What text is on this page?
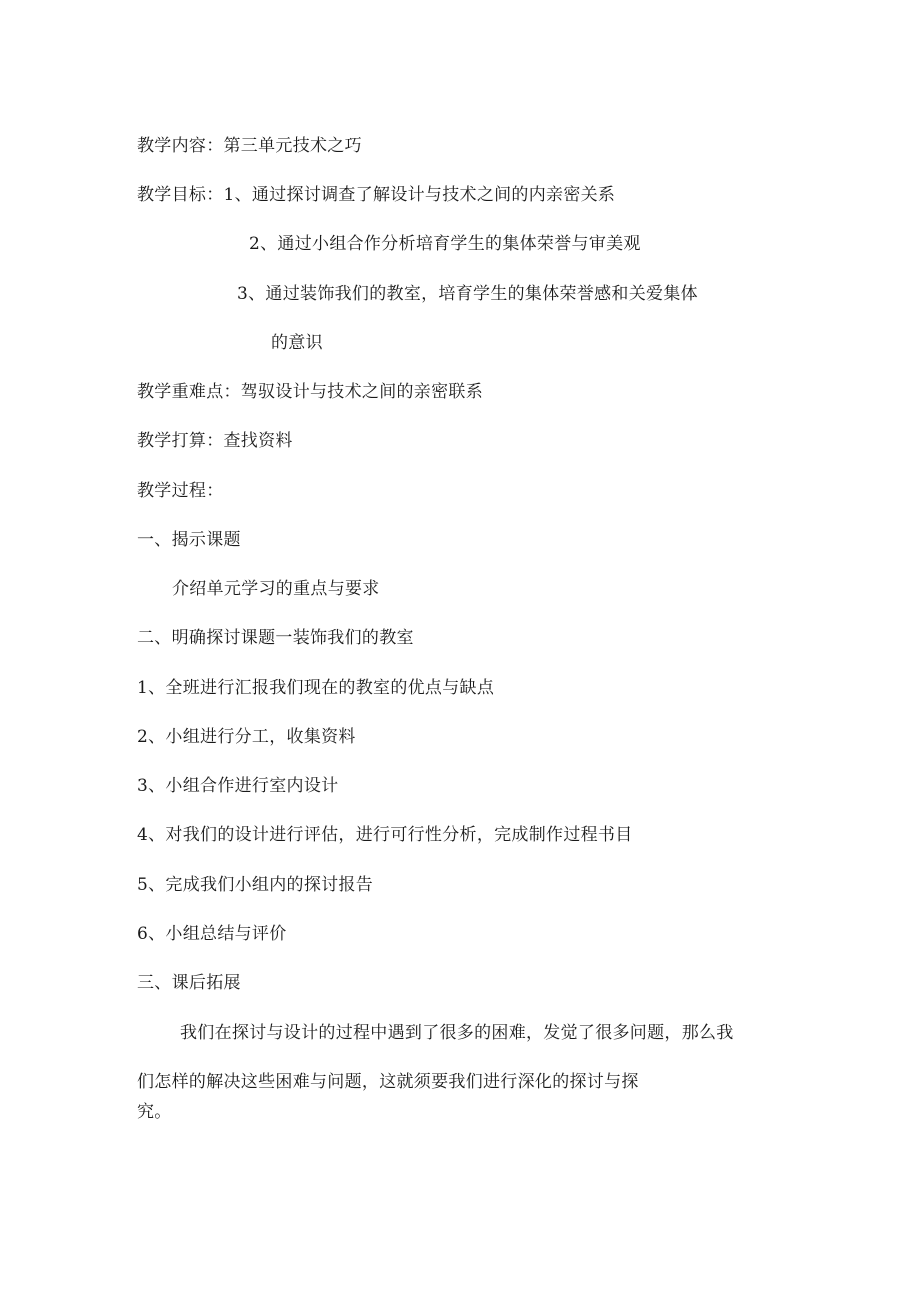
教学内容：第三单元技术之巧
教学目标：1、通过探讨调查了解设计与技术之间的内亲密关系
2、通过小组合作分析培育学生的集体荣誉与审美观
3、通过装饰我们的教室，培育学生的集体荣誉感和关爱集体
的意识
教学重难点：驾驭设计与技术之间的亲密联系
教学打算：查找资料
教学过程：
一、揭示课题
介绍单元学习的重点与要求
二、明确探讨课题一装饰我们的教室
1、全班进行汇报我们现在的教室的优点与缺点
2、小组进行分工，收集资料
3、小组合作进行室内设计
4、对我们的设计进行评估，进行可行性分析，完成制作过程书目
5、完成我们小组内的探讨报告
6、小组总结与评价
三、课后拓展
我们在探讨与设计的过程中遇到了很多的困难，发觉了很多问题，那么我
们怎样的解决这些困难与问题，这就须要我们进行深化的探讨与探
究。
